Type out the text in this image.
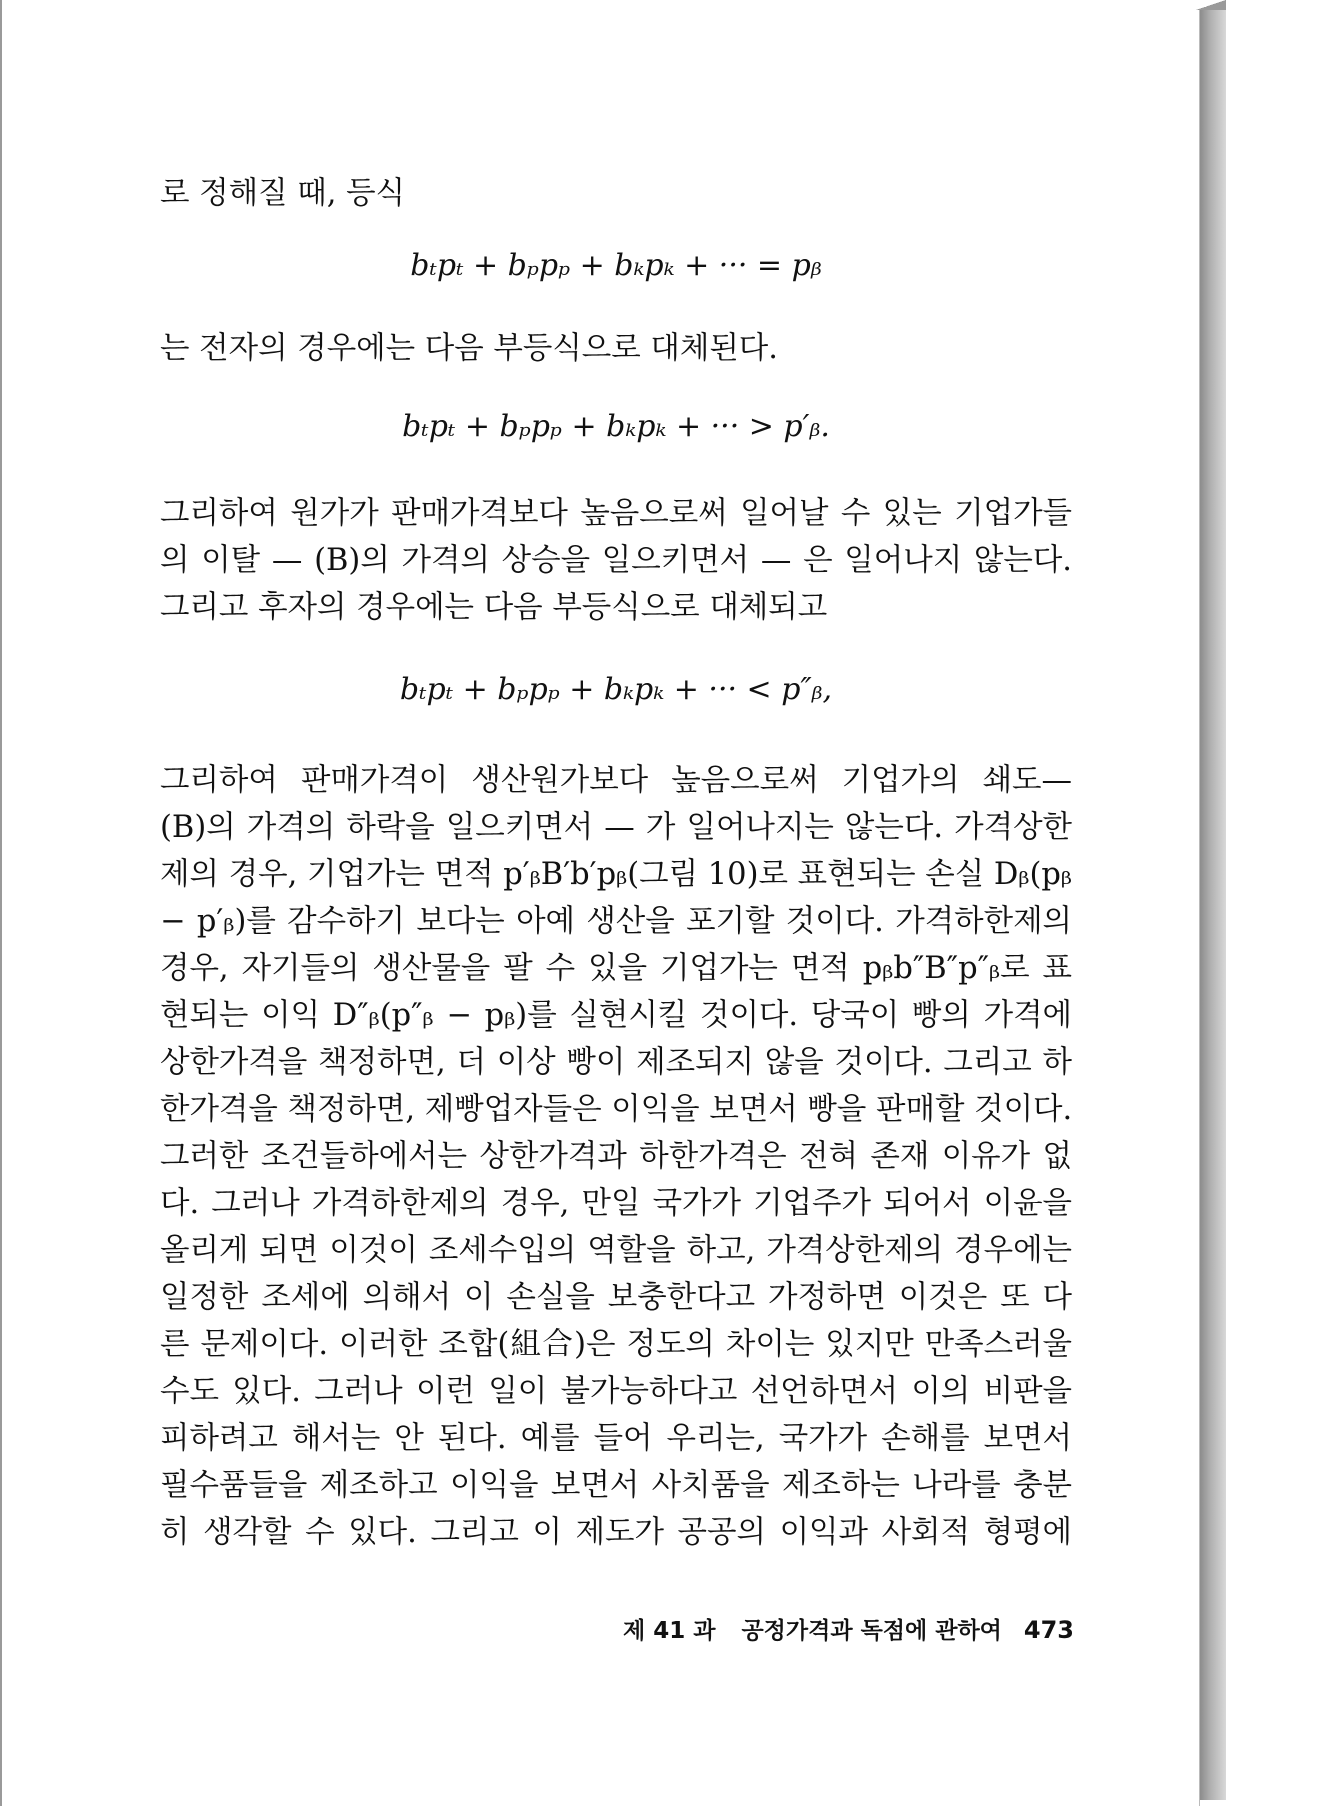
로 정해질 때, 등식
bₜpₜ + bₚpₚ + bₖpₖ + ··· = pᵦ
는 전자의 경우에는 다음 부등식으로 대체된다.
bₜpₜ + bₚpₚ + bₖpₖ + ··· > p′ᵦ.
그리하여 원가가 판매가격보다 높음으로써 일어날 수 있는 기업가들
의 이탈 — (B)의 가격의 상승을 일으키면서 — 은 일어나지 않는다.
그리고 후자의 경우에는 다음 부등식으로 대체되고
bₜpₜ + bₚpₚ + bₖpₖ + ··· < p″ᵦ,
그리하여 판매가격이 생산원가보다 높음으로써 기업가의 쇄도—
(B)의 가격의 하락을 일으키면서 — 가 일어나지는 않는다. 가격상한
제의 경우, 기업가는 면적 p′ᵦB′b′pᵦ(그림 10)로 표현되는 손실 Dᵦ(pᵦ
− p′ᵦ)를 감수하기 보다는 아예 생산을 포기할 것이다. 가격하한제의
경우, 자기들의 생산물을 팔 수 있을 기업가는 면적 pᵦb″B″p″ᵦ로 표
현되는 이익 D″ᵦ(p″ᵦ − pᵦ)를 실현시킬 것이다. 당국이 빵의 가격에
상한가격을 책정하면, 더 이상 빵이 제조되지 않을 것이다. 그리고 하
한가격을 책정하면, 제빵업자들은 이익을 보면서 빵을 판매할 것이다.
그러한 조건들하에서는 상한가격과 하한가격은 전혀 존재 이유가 없
다. 그러나 가격하한제의 경우, 만일 국가가 기업주가 되어서 이윤을
올리게 되면 이것이 조세수입의 역할을 하고, 가격상한제의 경우에는
일정한 조세에 의해서 이 손실을 보충한다고 가정하면 이것은 또 다
른 문제이다. 이러한 조합(組合)은 정도의 차이는 있지만 만족스러울
수도 있다. 그러나 이런 일이 불가능하다고 선언하면서 이의 비판을
피하려고 해서는 안 된다. 예를 들어 우리는, 국가가 손해를 보면서
필수품들을 제조하고 이익을 보면서 사치품을 제조하는 나라를 충분
히 생각할 수 있다. 그리고 이 제도가 공공의 이익과 사회적 형평에
제 41 과 공정가격과 독점에 관하여 473
